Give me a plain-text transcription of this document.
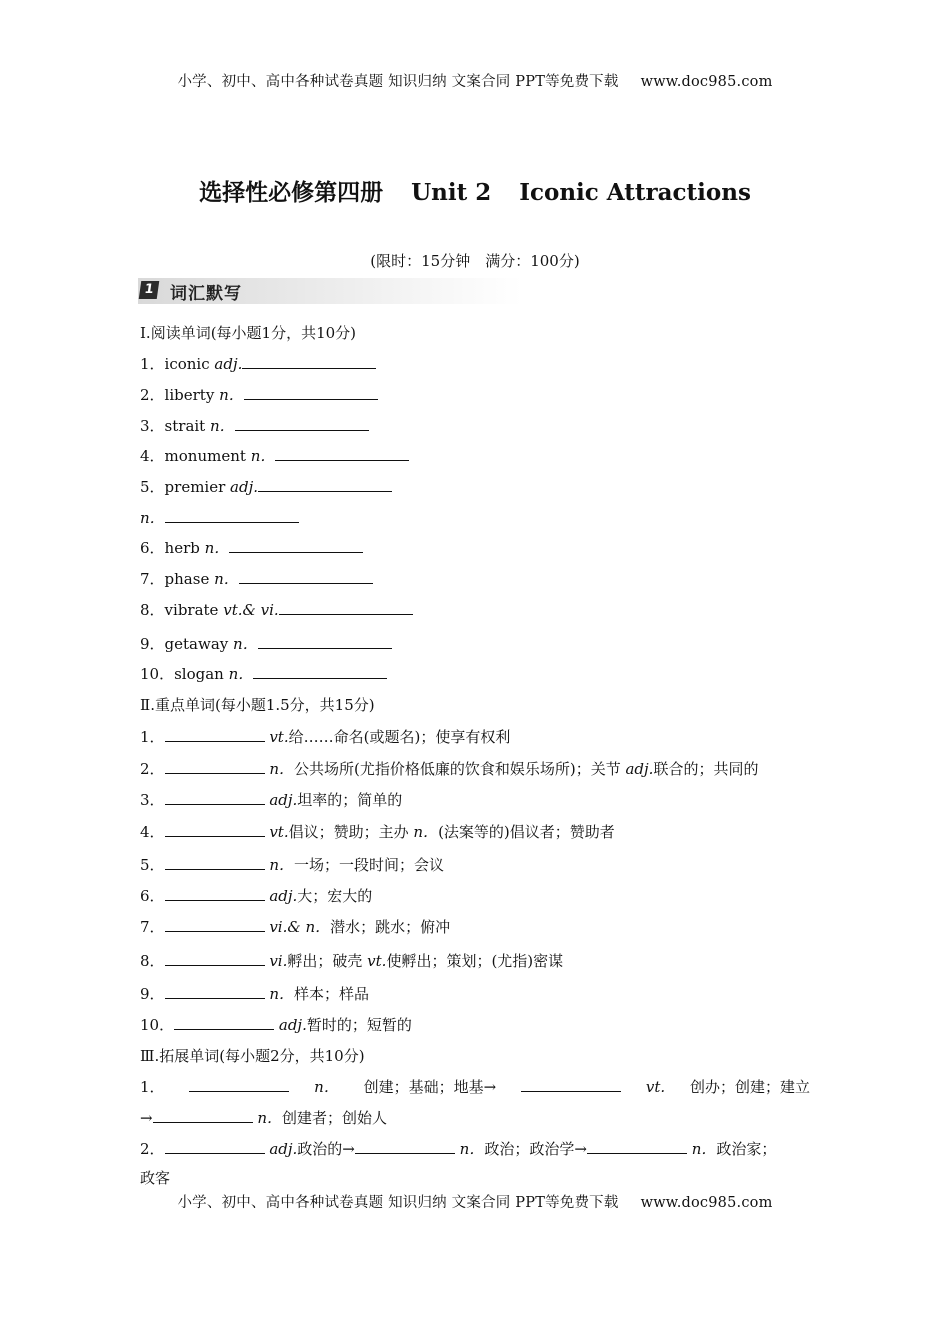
小学、初中、高中各种试卷真题 知识归纳 文案合同 PPT等免费下载 www.doc985.com
选择性必修第四册 Unit 2 Iconic Attractions
(限时：15分钟　满分：100分)
1 词汇默写
Ⅰ.阅读单词(每小题1分，共10分)
1．iconic adj.
2．liberty n．
3．strait n．
4．monument n．
5．premier adj.
n．
6．herb n．
7．phase n．
8．vibrate vt.& vi.
9．getaway n．
10．slogan n．
Ⅱ.重点单词(每小题1.5分，共15分)
1．	vt.给……命名(或题名)；使享有权利
2．	n．公共场所(尤指价格低廉的饮食和娱乐场所)；关节 adj.联合的；共同的
3．	adj.坦率的；简单的
4．	vt.倡议；赞助；主办 n．(法案等的)倡议者；赞助者
5．	n．一场；一段时间；会议
6．	adj.大；宏大的
7．	vi.& n．潜水；跳水；俯冲
8．	vi.孵出；破壳 vt.使孵出；策划；(尤指)密谋
9．	n．样本；样品
10．	adj.暂时的；短暂的
Ⅲ.拓展单词(每小题2分，共10分)
1．	n． 创建；基础；地基→	vt. 创办；创建；建立
→	n．创建者；创始人
2．	adj.政治的→	n．政治；政治学→	n．政治家；
政客
小学、初中、高中各种试卷真题 知识归纳 文案合同 PPT等免费下载 www.doc985.com
